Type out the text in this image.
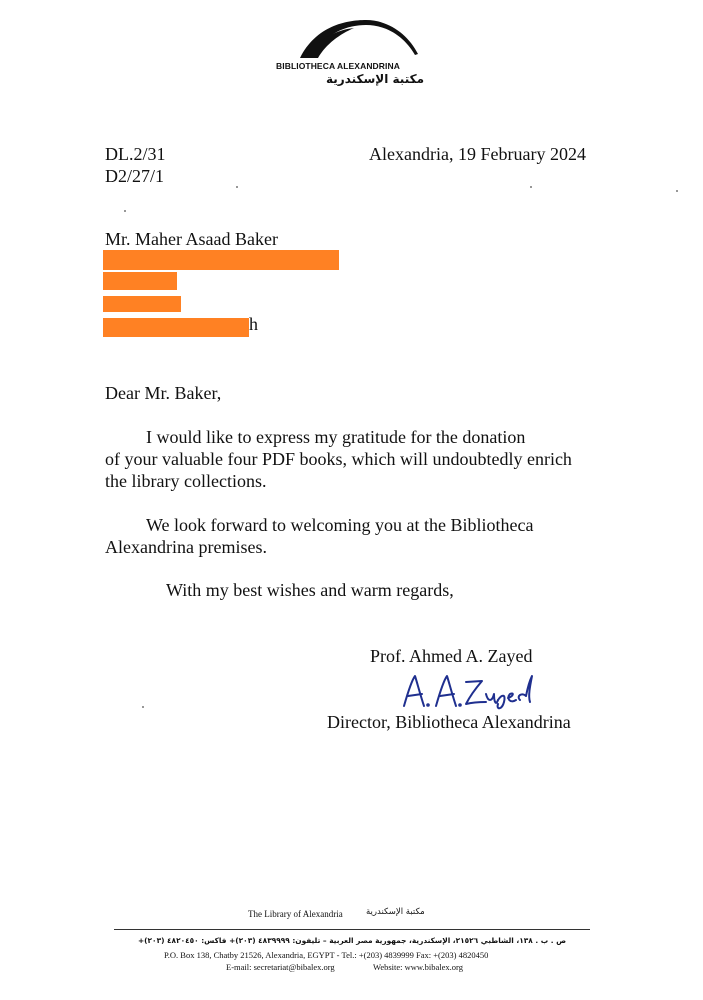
BIBLIOTHECA ALEXANDRINA
مكتبة الإسكندرية
DL.2/31
D2/27/1
Alexandria, 19 February 2024
Mr. Maher Asaad Baker
h
Dear Mr. Baker,
I would like to express my gratitude for the donation
of your valuable four PDF books, which will undoubtedly enrich
the library collections.
We look forward to welcoming you at the Bibliotheca
Alexandrina premises.
With my best wishes and warm regards,
Prof. Ahmed A. Zayed
Director, Bibliotheca Alexandrina
The Library of Alexandria	مكتبة الإسكندرية
ص . ب . ١٣٨، الشاطبي ٢١٥٢٦، الإسكندرية، جمهورية مصر العربية – تليفون: ٤٨٣٩٩٩٩ (٢٠٣)+ فاكس: ٤٨٢٠٤٥٠ (٢٠٣)+
P.O. Box 138, Chatby 21526, Alexandria, EGYPT - Tel.: +(203) 4839999 Fax: +(203) 4820450
E-mail: secretariat@bibalex.org	Website: www.bibalex.org
